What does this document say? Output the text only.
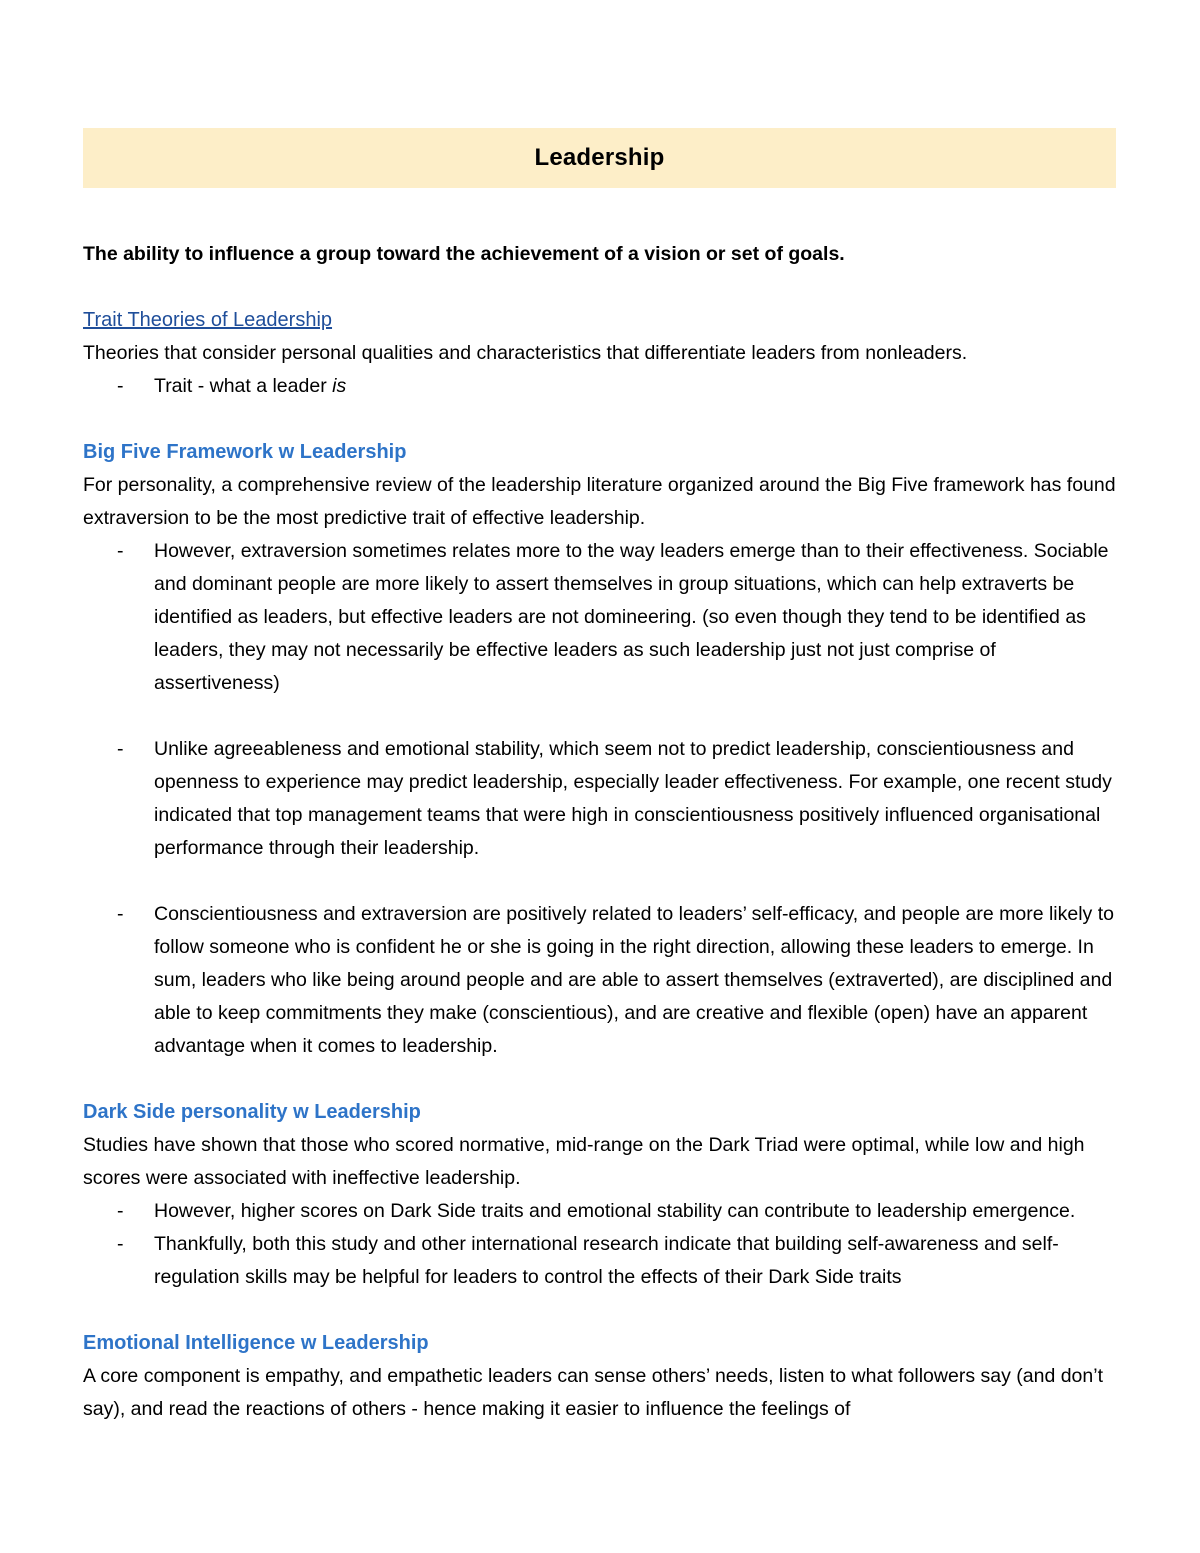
Leadership
The ability to influence a group toward the achievement of a vision or set of goals.
Trait Theories of Leadership
Theories that consider personal qualities and characteristics that differentiate leaders from nonleaders.
- Trait - what a leader is
Big Five Framework w Leadership
For personality, a comprehensive review of the leadership literature organized around the Big Five framework has found extraversion to be the most predictive trait of effective leadership.
- However, extraversion sometimes relates more to the way leaders emerge than to their effectiveness. Sociable and dominant people are more likely to assert themselves in group situations, which can help extraverts be identified as leaders, but effective leaders are not domineering. (so even though they tend to be identified as leaders, they may not necessarily be effective leaders as such leadership just not just comprise of assertiveness)
- Unlike agreeableness and emotional stability, which seem not to predict leadership, conscientiousness and openness to experience may predict leadership, especially leader effectiveness. For example, one recent study indicated that top management teams that were high in conscientiousness positively influenced organisational performance through their leadership.
- Conscientiousness and extraversion are positively related to leaders’ self-efficacy, and people are more likely to follow someone who is confident he or she is going in the right direction, allowing these leaders to emerge. In sum, leaders who like being around people and are able to assert themselves (extraverted), are disciplined and able to keep commitments they make (conscientious), and are creative and flexible (open) have an apparent advantage when it comes to leadership.
Dark Side personality w Leadership
Studies have shown that those who scored normative, mid-range on the Dark Triad were optimal, while low and high scores were associated with ineffective leadership.
- However, higher scores on Dark Side traits and emotional stability can contribute to leadership emergence.
- Thankfully, both this study and other international research indicate that building self-awareness and self-regulation skills may be helpful for leaders to control the effects of their Dark Side traits
Emotional Intelligence w Leadership
A core component is empathy, and empathetic leaders can sense others’ needs, listen to what followers say (and don’t say), and read the reactions of others - hence making it easier to influence the feelings of
